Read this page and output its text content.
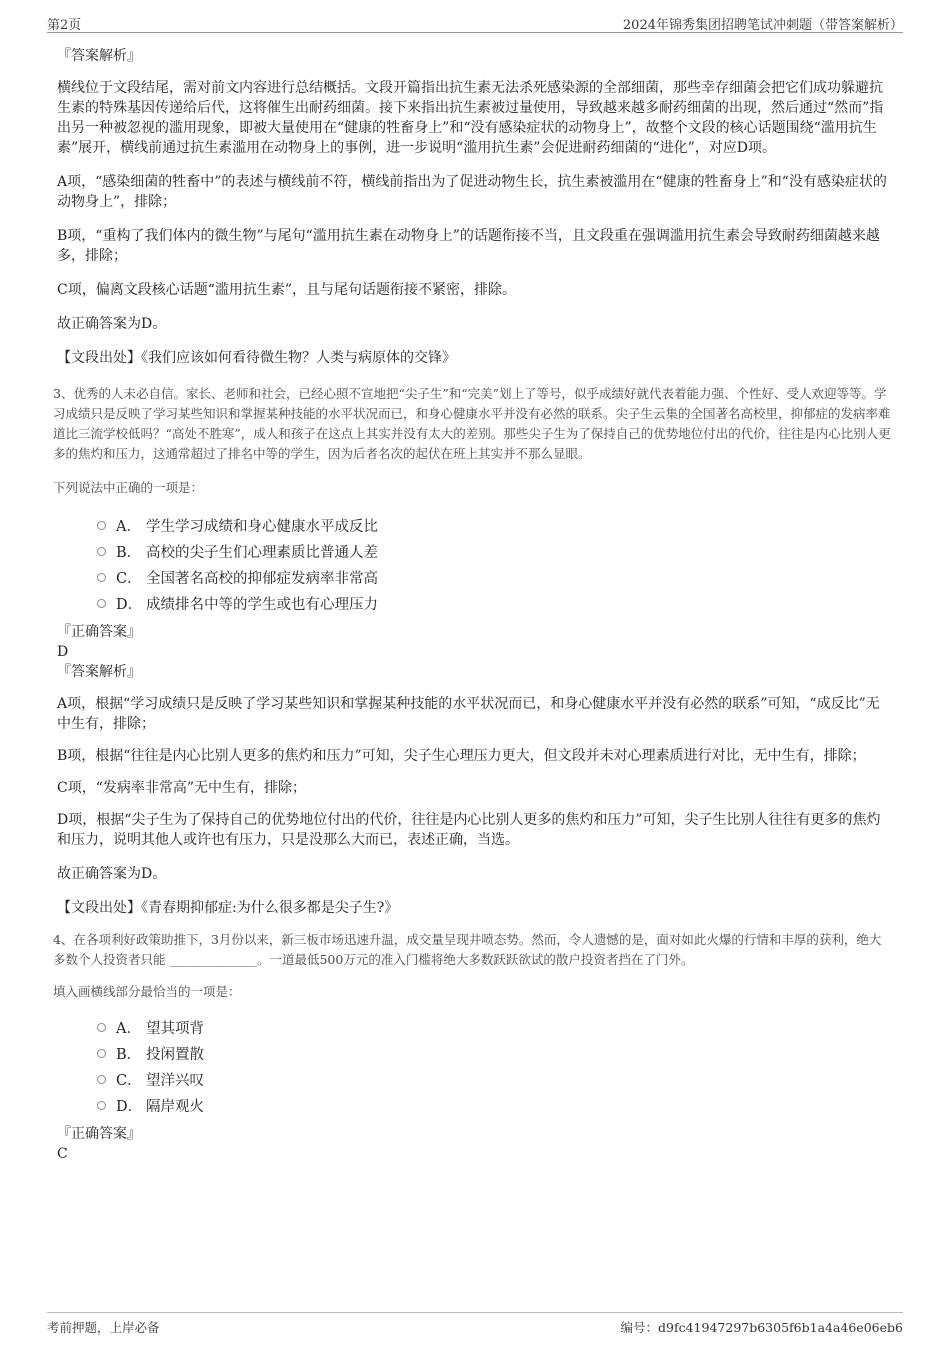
第2页	2024年锦秀集团招聘笔试冲刺题（带答案解析）

『答案解析』

横线位于文段结尾，需对前文内容进行总结概括。文段开篇指出抗生素无法杀死感染源的全部细菌，那些幸存细菌会把它们成功躲避抗生素的特殊基因传递给后代，这将催生出耐药细菌。接下来指出抗生素被过量使用，导致越来越多耐药细菌的出现，然后通过“然而”指出另一种被忽视的滥用现象，即被大量使用在“健康的牲畜身上”和“没有感染症状的动物身上”，故整个文段的核心话题围绕“滥用抗生素”展开，横线前通过抗生素滥用在动物身上的事例，进一步说明“滥用抗生素”会促进耐药细菌的“进化”，对应D项。

A项，“感染细菌的牲畜中”的表述与横线前不符，横线前指出为了促进动物生长，抗生素被滥用在“健康的牲畜身上”和“没有感染症状的动物身上”，排除；

B项，“重构了我们体内的微生物”与尾句“滥用抗生素在动物身上”的话题衔接不当，且文段重在强调滥用抗生素会导致耐药细菌越来越多，排除；

C项，偏离文段核心话题“滥用抗生素”，且与尾句话题衔接不紧密，排除。

故正确答案为D。

【文段出处】《我们应该如何看待微生物？人类与病原体的交锋》

3、优秀的人未必自信。家长、老师和社会，已经心照不宣地把“尖子生”和“完美”划上了等号，似乎成绩好就代表着能力强、个性好、受人欢迎等等。学习成绩只是反映了学习某些知识和掌握某种技能的水平状况而已，和身心健康水平并没有必然的联系。尖子生云集的全国著名高校里，抑郁症的发病率难道比三流学校低吗？“高处不胜寒”，成人和孩子在这点上其实并没有太大的差别。那些尖子生为了保持自己的优势地位付出的代价，往往是内心比别人更多的焦灼和压力，这通常超过了排名中等的学生，因为后者名次的起伏在班上其实并不那么显眼。

下列说法中正确的一项是：

A． 学生学习成绩和身心健康水平成反比
B． 高校的尖子生们心理素质比普通人差
C． 全国著名高校的抑郁症发病率非常高
D． 成绩排名中等的学生或也有心理压力

『正确答案』

D

『答案解析』

A项，根据“学习成绩只是反映了学习某些知识和掌握某种技能的水平状况而已，和身心健康水平并没有必然的联系”可知，“成反比”无中生有，排除；

B项，根据“往往是内心比别人更多的焦灼和压力”可知，尖子生心理压力更大，但文段并未对心理素质进行对比，无中生有，排除；

C项，“发病率非常高”无中生有，排除；

D项，根据“尖子生为了保持自己的优势地位付出的代价，往往是内心比别人更多的焦灼和压力”可知，尖子生比别人往往有更多的焦灼和压力，说明其他人或许也有压力，只是没那么大而已，表述正确，当选。

故正确答案为D。

【文段出处】《青春期抑郁症:为什么很多都是尖子生?》

4、在各项利好政策助推下，3月份以来，新三板市场迅速升温，成交量呈现井喷态势。然而，令人遗憾的是，面对如此火爆的行情和丰厚的获利，绝大多数个人投资者只能 ______________。一道最低500万元的准入门槛将绝大多数跃跃欲试的散户投资者挡在了门外。

填入画横线部分最恰当的一项是：

A． 望其项背
B． 投闲置散
C． 望洋兴叹
D． 隔岸观火

『正确答案』

C

考前押题，上岸必备	编号：d9fc41947297b6305f6b1a4a46e06eb6
